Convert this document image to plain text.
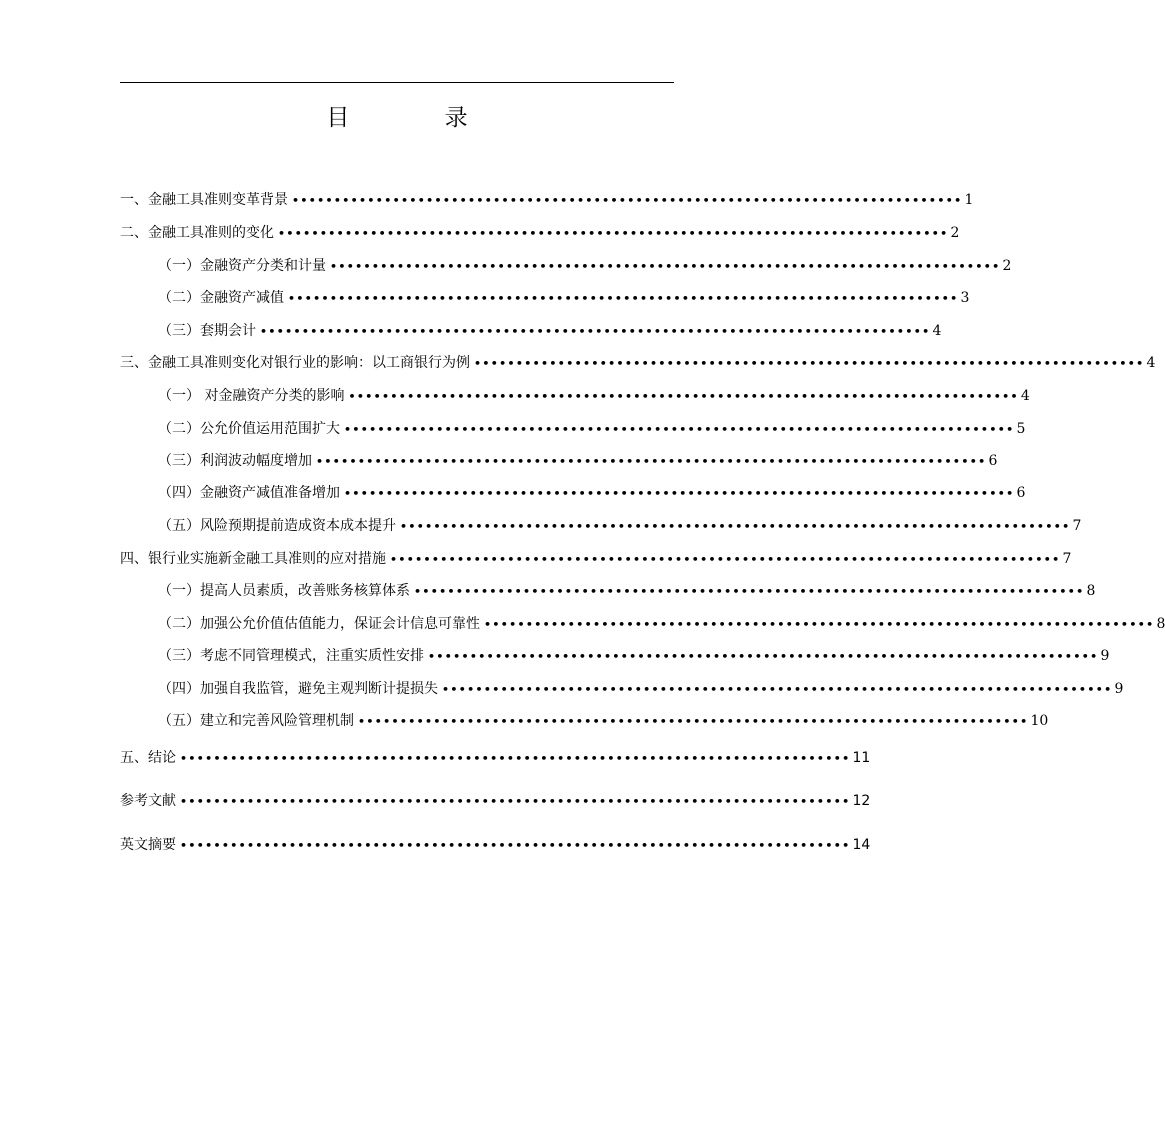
目 录
一、金融工具准则变革背景 •••••••••••••••••••••••••••••••••••••••••••••••••••••••••••••••••••••••••••••••• 1
二、金融工具准则的变化 •••••••••••••••••••••••••••••••••••••••••••••••••••••••••••••••••••••••••••••••• 2
（一）金融资产分类和计量 •••••••••••••••••••••••••••••••••••••••••••••••••••••••••••••••••••••••••••••••• 2
（二）金融资产减值 •••••••••••••••••••••••••••••••••••••••••••••••••••••••••••••••••••••••••••••••• 3
（三）套期会计 •••••••••••••••••••••••••••••••••••••••••••••••••••••••••••••••••••••••••••••••• 4
三、金融工具准则变化对银行业的影响：以工商银行为例 •••••••••••••••••••••••••••••••••••••••••••••••••••••••••••••••••••••••••••••••• 4
（一） 对金融资产分类的影响 •••••••••••••••••••••••••••••••••••••••••••••••••••••••••••••••••••••••••••••••• 4
（二）公允价值运用范围扩大 •••••••••••••••••••••••••••••••••••••••••••••••••••••••••••••••••••••••••••••••• 5
（三）利润波动幅度增加 •••••••••••••••••••••••••••••••••••••••••••••••••••••••••••••••••••••••••••••••• 6
（四）金融资产减值准备增加 •••••••••••••••••••••••••••••••••••••••••••••••••••••••••••••••••••••••••••••••• 6
（五）风险预期提前造成资本成本提升 •••••••••••••••••••••••••••••••••••••••••••••••••••••••••••••••••••••••••••••••• 7
四、银行业实施新金融工具准则的应对措施 •••••••••••••••••••••••••••••••••••••••••••••••••••••••••••••••••••••••••••••••• 7
（一）提高人员素质，改善账务核算体系 •••••••••••••••••••••••••••••••••••••••••••••••••••••••••••••••••••••••••••••••• 8
（二）加强公允价值估值能力，保证会计信息可靠性 •••••••••••••••••••••••••••••••••••••••••••••••••••••••••••••••••••••••••••••••• 8
（三）考虑不同管理模式，注重实质性安排 •••••••••••••••••••••••••••••••••••••••••••••••••••••••••••••••••••••••••••••••• 9
（四）加强自我监管，避免主观判断计提损失 •••••••••••••••••••••••••••••••••••••••••••••••••••••••••••••••••••••••••••••••• 9
（五）建立和完善风险管理机制 •••••••••••••••••••••••••••••••••••••••••••••••••••••••••••••••••••••••••••••••• 10
五、结论 •••••••••••••••••••••••••••••••••••••••••••••••••••••••••••••••••••••••••••••••• 11
参考文献 •••••••••••••••••••••••••••••••••••••••••••••••••••••••••••••••••••••••••••••••• 12
英文摘要 •••••••••••••••••••••••••••••••••••••••••••••••••••••••••••••••••••••••••••••••• 14
